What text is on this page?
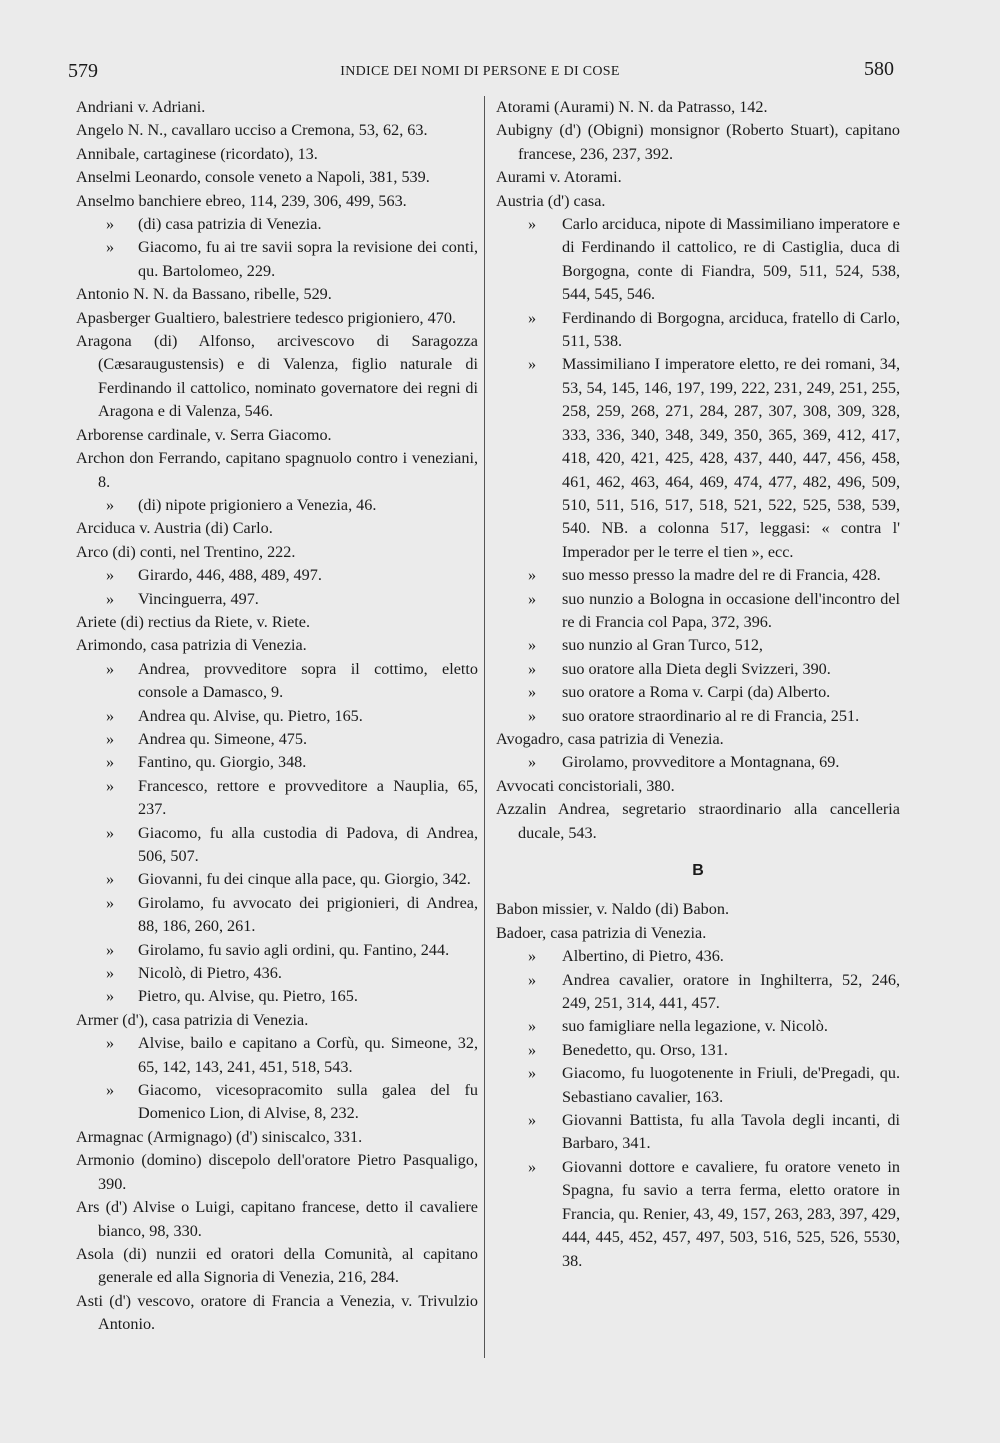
579	INDICE DEI NOMI DI PERSONE E DI COSE	580
Andriani v. Adriani.
Angelo N. N., cavallaro ucciso a Cremona, 53, 62, 63.
Annibale, cartaginese (ricordato), 13.
Anselmi Leonardo, console veneto a Napoli, 381, 539.
Anselmo banchiere ebreo, 114, 239, 306, 499, 563.
» (di) casa patrizia di Venezia.
» Giacomo, fu ai tre savii sopra la revisione dei conti, qu. Bartolomeo, 229.
Antonio N. N. da Bassano, ribelle, 529.
Apasberger Gualtiero, balestriere tedesco prigioniero, 470.
Aragona (di) Alfonso, arcivescovo di Saragozza (Cæsaraugustensis) e di Valenza, figlio naturale di Ferdinando il cattolico, nominato governatore dei regni di Aragona e di Valenza, 546.
Arborense cardinale, v. Serra Giacomo.
Archon don Ferrando, capitano spagnuolo contro i veneziani, 8.
» (di) nipote prigioniero a Venezia, 46.
Arciduca v. Austria (di) Carlo.
Arco (di) conti, nel Trentino, 222.
» Girardo, 446, 488, 489, 497.
» Vincinguerra, 497.
Ariete (di) rectius da Riete, v. Riete.
Arimondo, casa patrizia di Venezia.
» Andrea, provveditore sopra il cottimo, eletto console a Damasco, 9.
» Andrea qu. Alvise, qu. Pietro, 165.
» Andrea qu. Simeone, 475.
» Fantino, qu. Giorgio, 348.
» Francesco, rettore e provveditore a Nauplia, 65, 237.
» Giacomo, fu alla custodia di Padova, di Andrea, 506, 507.
» Giovanni, fu dei cinque alla pace, qu. Giorgio, 342.
» Girolamo, fu avvocato dei prigionieri, di Andrea, 88, 186, 260, 261.
» Girolamo, fu savio agli ordini, qu. Fantino, 244.
» Nicolò, di Pietro, 436.
» Pietro, qu. Alvise, qu. Pietro, 165.
Armer (d'), casa patrizia di Venezia.
» Alvise, bailo e capitano a Corfù, qu. Simeone, 32, 65, 142, 143, 241, 451, 518, 543.
» Giacomo, vicesopracomito sulla galea del fu Domenico Lion, di Alvise, 8, 232.
Armagnac (Armignago) (d') siniscalco, 331.
Armonio (domino) discepolo dell'oratore Pietro Pasqualigo, 390.
Ars (d') Alvise o Luigi, capitano francese, detto il cavaliere bianco, 98, 330.
Asola (di) nunzii ed oratori della Comunità, al capitano generale ed alla Signoria di Venezia, 216, 284.
Asti (d') vescovo, oratore di Francia a Venezia, v. Trivulzio Antonio.
Atorami (Aurami) N. N. da Patrasso, 142.
Aubigny (d') (Obigni) monsignor (Roberto Stuart), capitano francese, 236, 237, 392.
Aurami v. Atorami.
Austria (d') casa.
» Carlo arciduca, nipote di Massimiliano imperatore e di Ferdinando il cattolico, re di Castiglia, duca di Borgogna, conte di Fiandra, 509, 511, 524, 538, 544, 545, 546.
» Ferdinando di Borgogna, arciduca, fratello di Carlo, 511, 538.
» Massimiliano I imperatore eletto, re dei romani, 34, 53, 54, 145, 146, 197, 199, 222, 231, 249, 251, 255, 258, 259, 268, 271, 284, 287, 307, 308, 309, 328, 333, 336, 340, 348, 349, 350, 365, 369, 412, 417, 418, 420, 421, 425, 428, 437, 440, 447, 456, 458, 461, 462, 463, 464, 469, 474, 477, 482, 496, 509, 510, 511, 516, 517, 518, 521, 522, 525, 538, 539, 540. NB. a colonna 517, leggasi: « contra l' Imperador per le terre el tien », ecc.
» suo messo presso la madre del re di Francia, 428.
» suo nunzio a Bologna in occasione dell'incontro del re di Francia col Papa, 372, 396.
» suo nunzio al Gran Turco, 512,
» suo oratore alla Dieta degli Svizzeri, 390.
» suo oratore a Roma v. Carpi (da) Alberto.
» suo oratore straordinario al re di Francia, 251.
Avogadro, casa patrizia di Venezia.
» Girolamo, provveditore a Montagnana, 69.
Avvocati concistoriali, 380.
Azzalin Andrea, segretario straordinario alla cancelleria ducale, 543.
B
Babon missier, v. Naldo (di) Babon.
Badoer, casa patrizia di Venezia.
» Albertino, di Pietro, 436.
» Andrea cavalier, oratore in Inghilterra, 52, 246, 249, 251, 314, 441, 457.
» suo famigliare nella legazione, v. Nicolò.
» Benedetto, qu. Orso, 131.
» Giacomo, fu luogotenente in Friuli, de'Pregadi, qu. Sebastiano cavalier, 163.
» Giovanni Battista, fu alla Tavola degli incanti, di Barbaro, 341.
» Giovanni dottore e cavaliere, fu oratore veneto in Spagna, fu savio a terra ferma, eletto oratore in Francia, qu. Renier, 43, 49, 157, 263, 283, 397, 429, 444, 445, 452, 457, 497, 503, 516, 525, 526, 5530, 38.
